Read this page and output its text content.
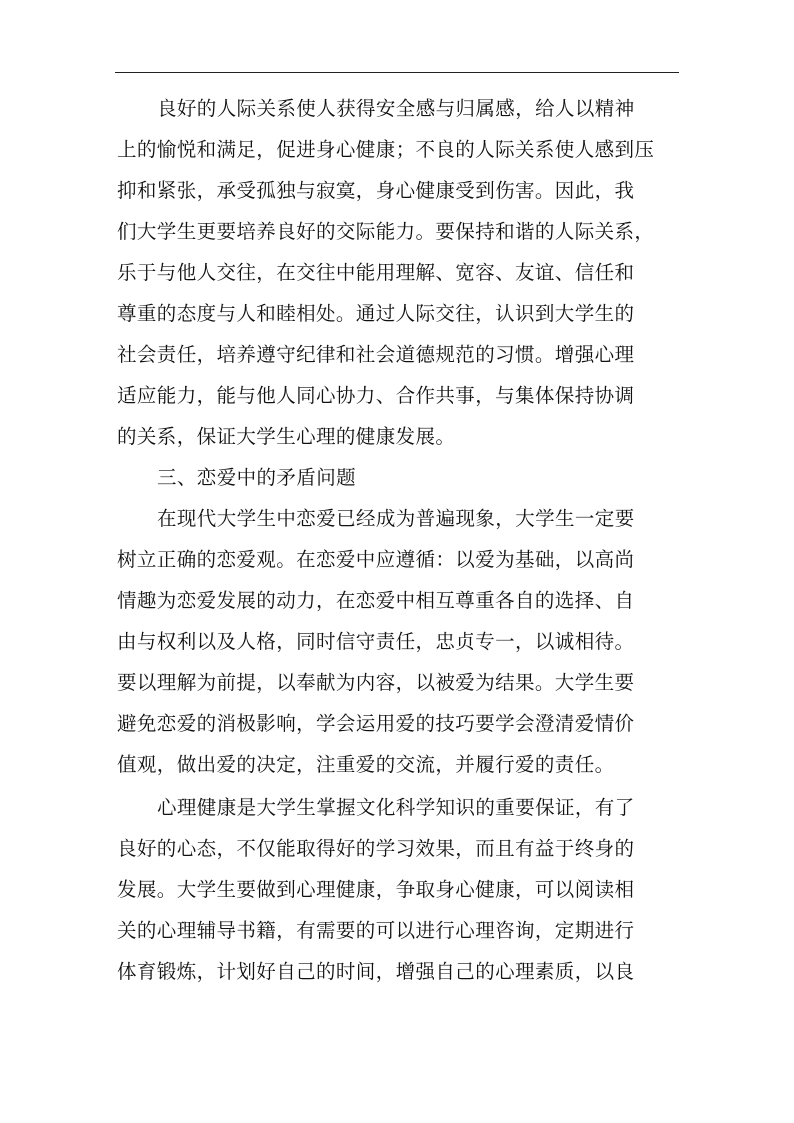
良好的人际关系使人获得安全感与归属感，给人以精神
上的愉悦和满足，促进身心健康；不良的人际关系使人感到压
抑和紧张，承受孤独与寂寞，身心健康受到伤害。因此，我
们大学生更要培养良好的交际能力。要保持和谐的人际关系，
乐于与他人交往，在交往中能用理解、宽容、友谊、信任和
尊重的态度与人和睦相处。通过人际交往，认识到大学生的
社会责任，培养遵守纪律和社会道德规范的习惯。增强心理
适应能力，能与他人同心协力、合作共事，与集体保持协调
的关系，保证大学生心理的健康发展。
三、恋爱中的矛盾问题
在现代大学生中恋爱已经成为普遍现象，大学生一定要
树立正确的恋爱观。在恋爱中应遵循：以爱为基础，以高尚
情趣为恋爱发展的动力，在恋爱中相互尊重各自的选择、自
由与权利以及人格，同时信守责任，忠贞专一，以诚相待。
要以理解为前提，以奉献为内容，以被爱为结果。大学生要
避免恋爱的消极影响，学会运用爱的技巧要学会澄清爱情价
值观，做出爱的决定，注重爱的交流，并履行爱的责任。
心理健康是大学生掌握文化科学知识的重要保证，有了
良好的心态，不仅能取得好的学习效果，而且有益于终身的
发展。大学生要做到心理健康，争取身心健康，可以阅读相
关的心理辅导书籍，有需要的可以进行心理咨询，定期进行
体育锻炼，计划好自己的时间，增强自己的心理素质，以良
